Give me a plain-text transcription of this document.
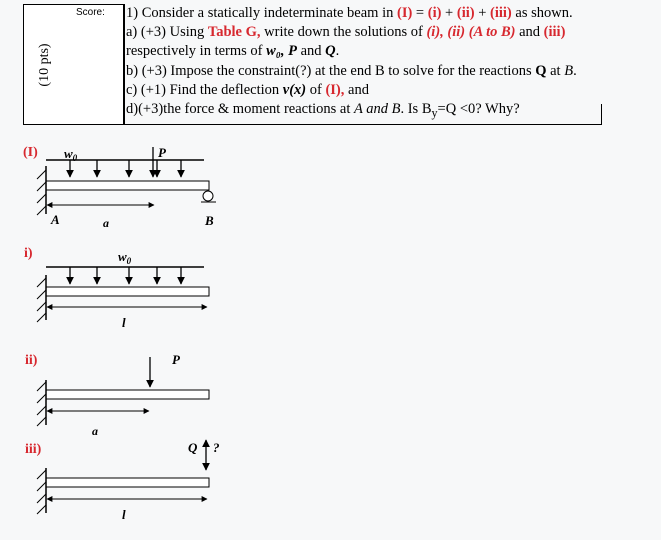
Score:
(10 pts)
1) Consider a statically indeterminate beam in (I) = (i) + (ii) + (iii) as shown.
a) (+3) Using Table G, write down the solutions of (i), (ii) (A to B) and (iii)
respectively in terms of w₀, P and Q.
b) (+3) Impose the constraint(?) at the end B to solve for the reactions Q at B.
c) (+1) Find the deflection v(x) of (I), and
d)(+3)the force & moment reactions at A and B. Is $B_y=Q <0$? Why?
(I) $w_0$	P
A	a	B
i)	$w_0$
l
ii)	P
a
iii)	Q ?
l
